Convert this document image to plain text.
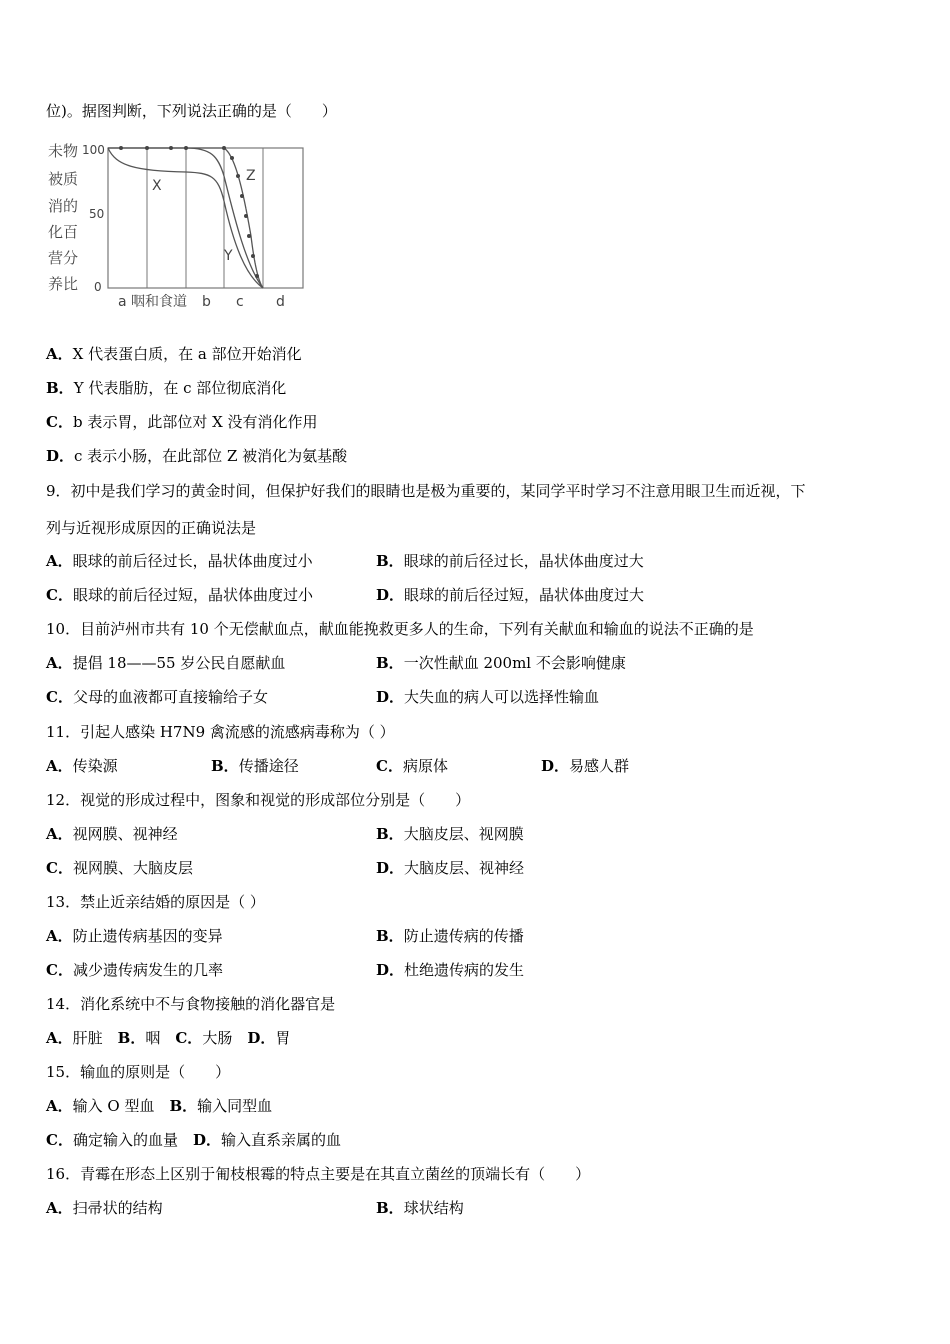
位)。据图判断，下列说法正确的是（　　）
未物
被质
消的
化百
营分
养比
100
50
0
X
Y
Z
a 咽和食道 b c d
A．X 代表蛋白质，在 a 部位开始消化
B．Y 代表脂肪，在 c 部位彻底消化
C．b 表示胃，此部位对 X 没有消化作用
D．c 表示小肠，在此部位 Z 被消化为氨基酸
9．初中是我们学习的黄金时间，但保护好我们的眼睛也是极为重要的，某同学平时学习不注意用眼卫生而近视，下
列与近视形成原因的正确说法是
A．眼球的前后径过长，晶状体曲度过小	B．眼球的前后径过长，晶状体曲度过大
C．眼球的前后径过短，晶状体曲度过小	D．眼球的前后径过短，晶状体曲度过大
10．目前泸州市共有 10 个无偿献血点，献血能挽救更多人的生命，下列有关献血和输血的说法不正确的是
A．提倡 18——55 岁公民自愿献血	B．一次性献血 200ml 不会影响健康
C．父母的血液都可直接输给子女	D．大失血的病人可以选择性输血
11．引起人感染 H7N9 禽流感的流感病毒称为（ ）
A．传染源	B．传播途径	C．病原体	D．易感人群
12．视觉的形成过程中，图象和视觉的形成部位分别是（　　）
A．视网膜、视神经	B．大脑皮层、视网膜
C．视网膜、大脑皮层	D．大脑皮层、视神经
13．禁止近亲结婚的原因是（ ）
A．防止遗传病基因的变异	B．防止遗传病的传播
C．减少遗传病发生的几率	D．杜绝遗传病的发生
14．消化系统中不与食物接触的消化器官是
A．肝脏  B．咽  C．大肠  D．胃
15．输血的原则是（　　）
A．输入 O 型血  B．输入同型血
C．确定输入的血量  D．输入直系亲属的血
16．青霉在形态上区别于匍枝根霉的特点主要是在其直立菌丝的顶端长有（　　）
A．扫帚状的结构	B．球状结构
